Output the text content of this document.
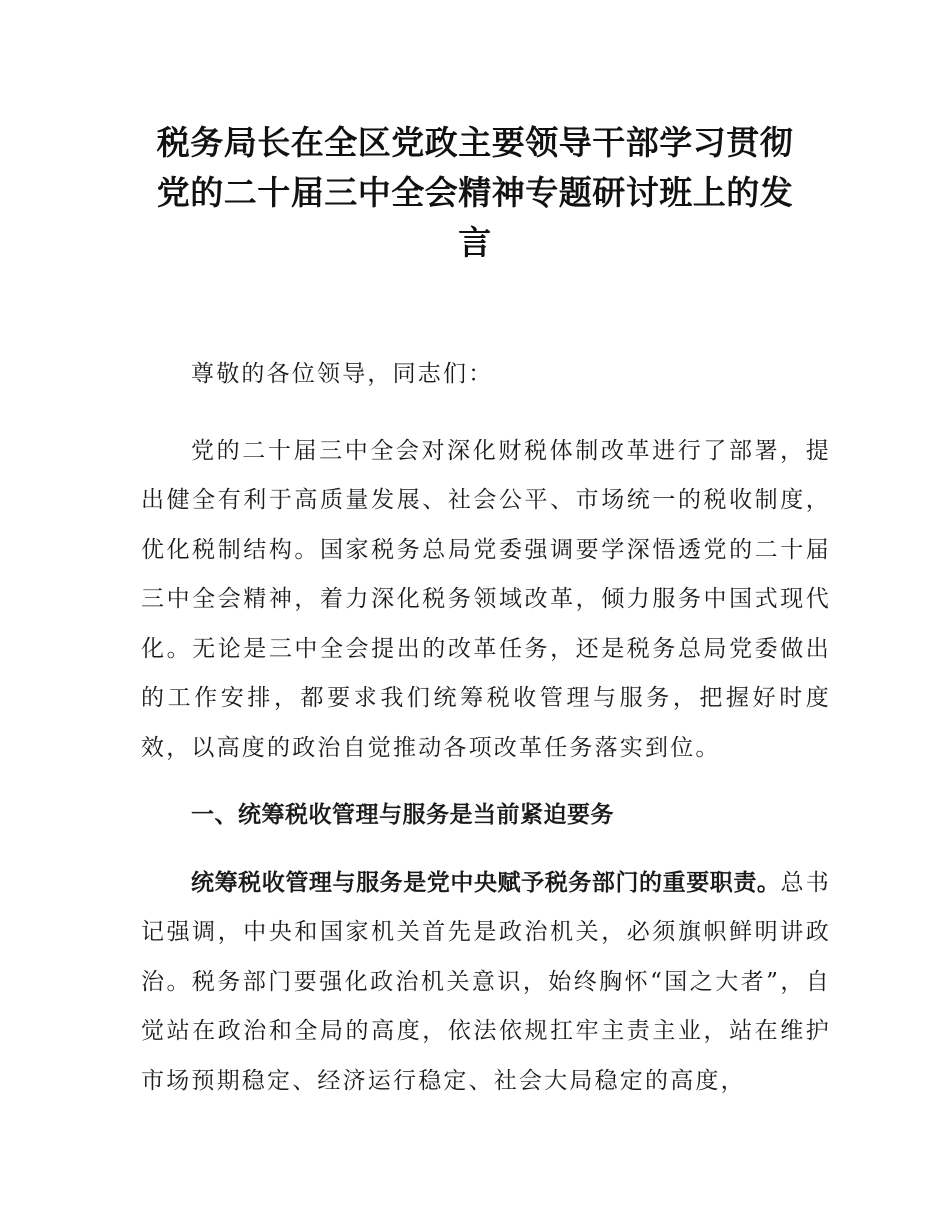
税务局长在全区党政主要领导干部学习贯彻
党的二十届三中全会精神专题研讨班上的发
言

尊敬的各位领导，同志们：

党的二十届三中全会对深化财税体制改革进行了部署，提出健全有利于高质量发展、社会公平、市场统一的税收制度，优化税制结构。国家税务总局党委强调要学深悟透党的二十届三中全会精神，着力深化税务领域改革，倾力服务中国式现代化。无论是三中全会提出的改革任务，还是税务总局党委做出的工作安排，都要求我们统筹税收管理与服务，把握好时度效，以高度的政治自觉推动各项改革任务落实到位。

一、统筹税收管理与服务是当前紧迫要务

统筹税收管理与服务是党中央赋予税务部门的重要职责。总书记强调，中央和国家机关首先是政治机关，必须旗帜鲜明讲政治。税务部门要强化政治机关意识，始终胸怀“国之大者”，自觉站在政治和全局的高度，依法依规扛牢主责主业，站在维护市场预期稳定、经济运行稳定、社会大局稳定的高度，
